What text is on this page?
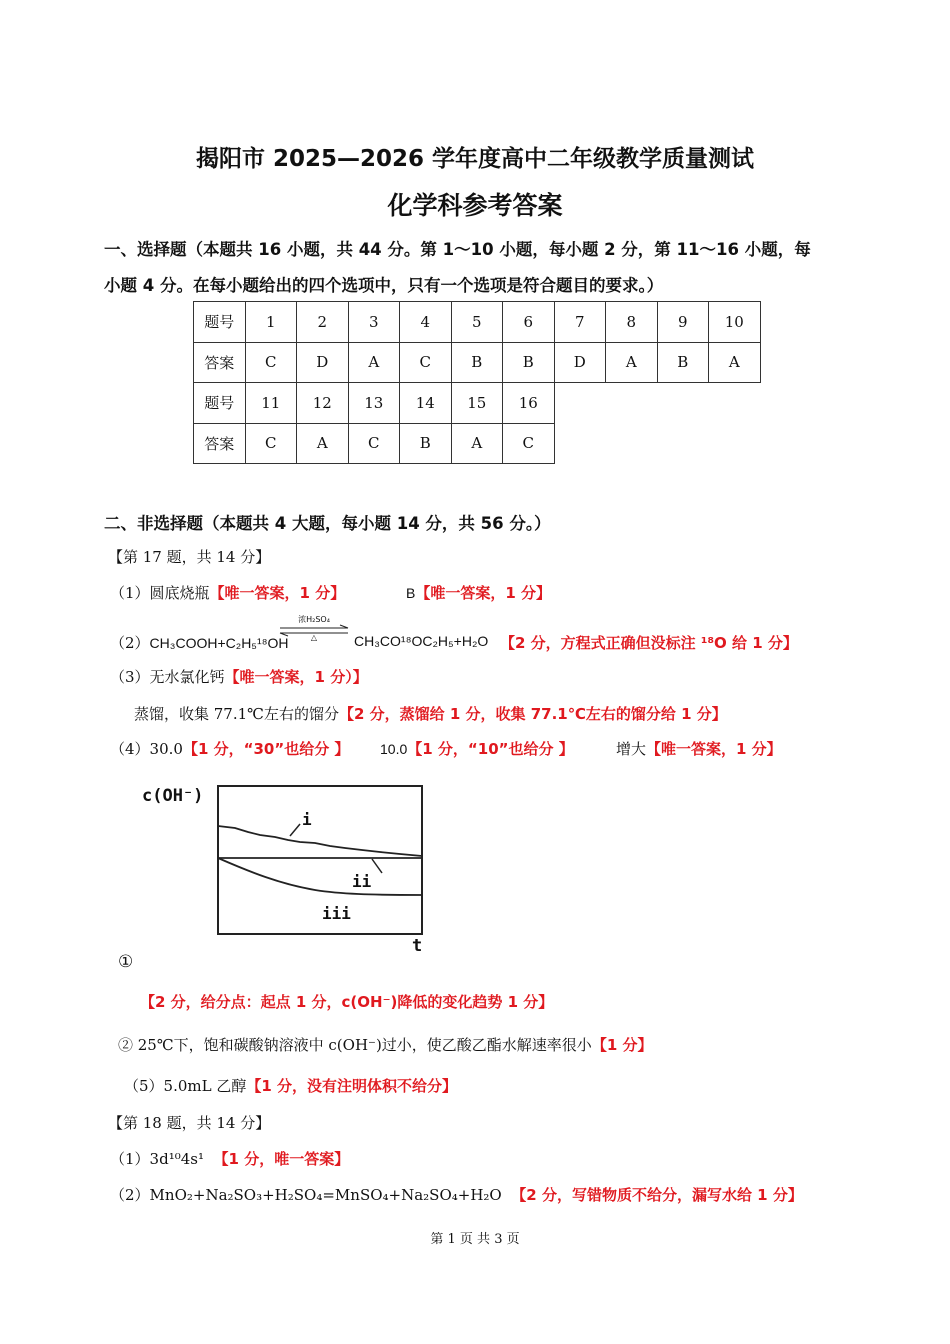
揭阳市 2025—2026 学年度高中二年级教学质量测试
化学科参考答案
一、选择题（本题共 16 小题，共 44 分。第 1～10 小题，每小题 2 分，第 11～16 小题，每
小题 4 分。在每小题给出的四个选项中，只有一个选项是符合题目的要求。）
题号	1	2	3	4	5	6	7	8	9	10
答案	C	D	A	C	B	B	D	A	B	A
题号	11	12	13	14	15	16				
答案	C	A	C	B	A	C				
二、非选择题（本题共 4 大题，每小题 14 分，共 56 分。）
【第 17 题，共 14 分】
（1）圆底烧瓶【唯一答案，1 分】	B【唯一答案，1 分】
（2）CH₃COOH+C₂H₅¹⁸OH
浓H₂SO₄
△	CH₃CO¹⁸OC₂H₅+H₂O 【2 分，方程式正确但没标注 ¹⁸O 给 1 分】
（3）无水氯化钙【唯一答案，1 分）】
蒸馏，收集 77.1℃左右的馏分【2 分，蒸馏给 1 分，收集 77.1℃左右的馏分给 1 分】
（4）30.0【1 分，“30”也给分 】 10.0【1 分，“10”也给分 】	增大【唯一答案，1 分】
c(OH⁻)
i
ii
iii
t
①
【2 分，给分点：起点 1 分，c(OH⁻)降低的变化趋势 1 分】
② 25℃下，饱和碳酸钠溶液中 c(OH⁻)过小，使乙酸乙酯水解速率很小【1 分】
（5）5.0mL 乙醇【1 分，没有注明体积不给分】
【第 18 题，共 14 分】
（1）3d¹⁰4s¹ 【1 分，唯一答案】
（2）MnO₂+Na₂SO₃+H₂SO₄=MnSO₄+Na₂SO₄+H₂O 【2 分，写错物质不给分，漏写水给 1 分】
第 1 页 共 3 页
